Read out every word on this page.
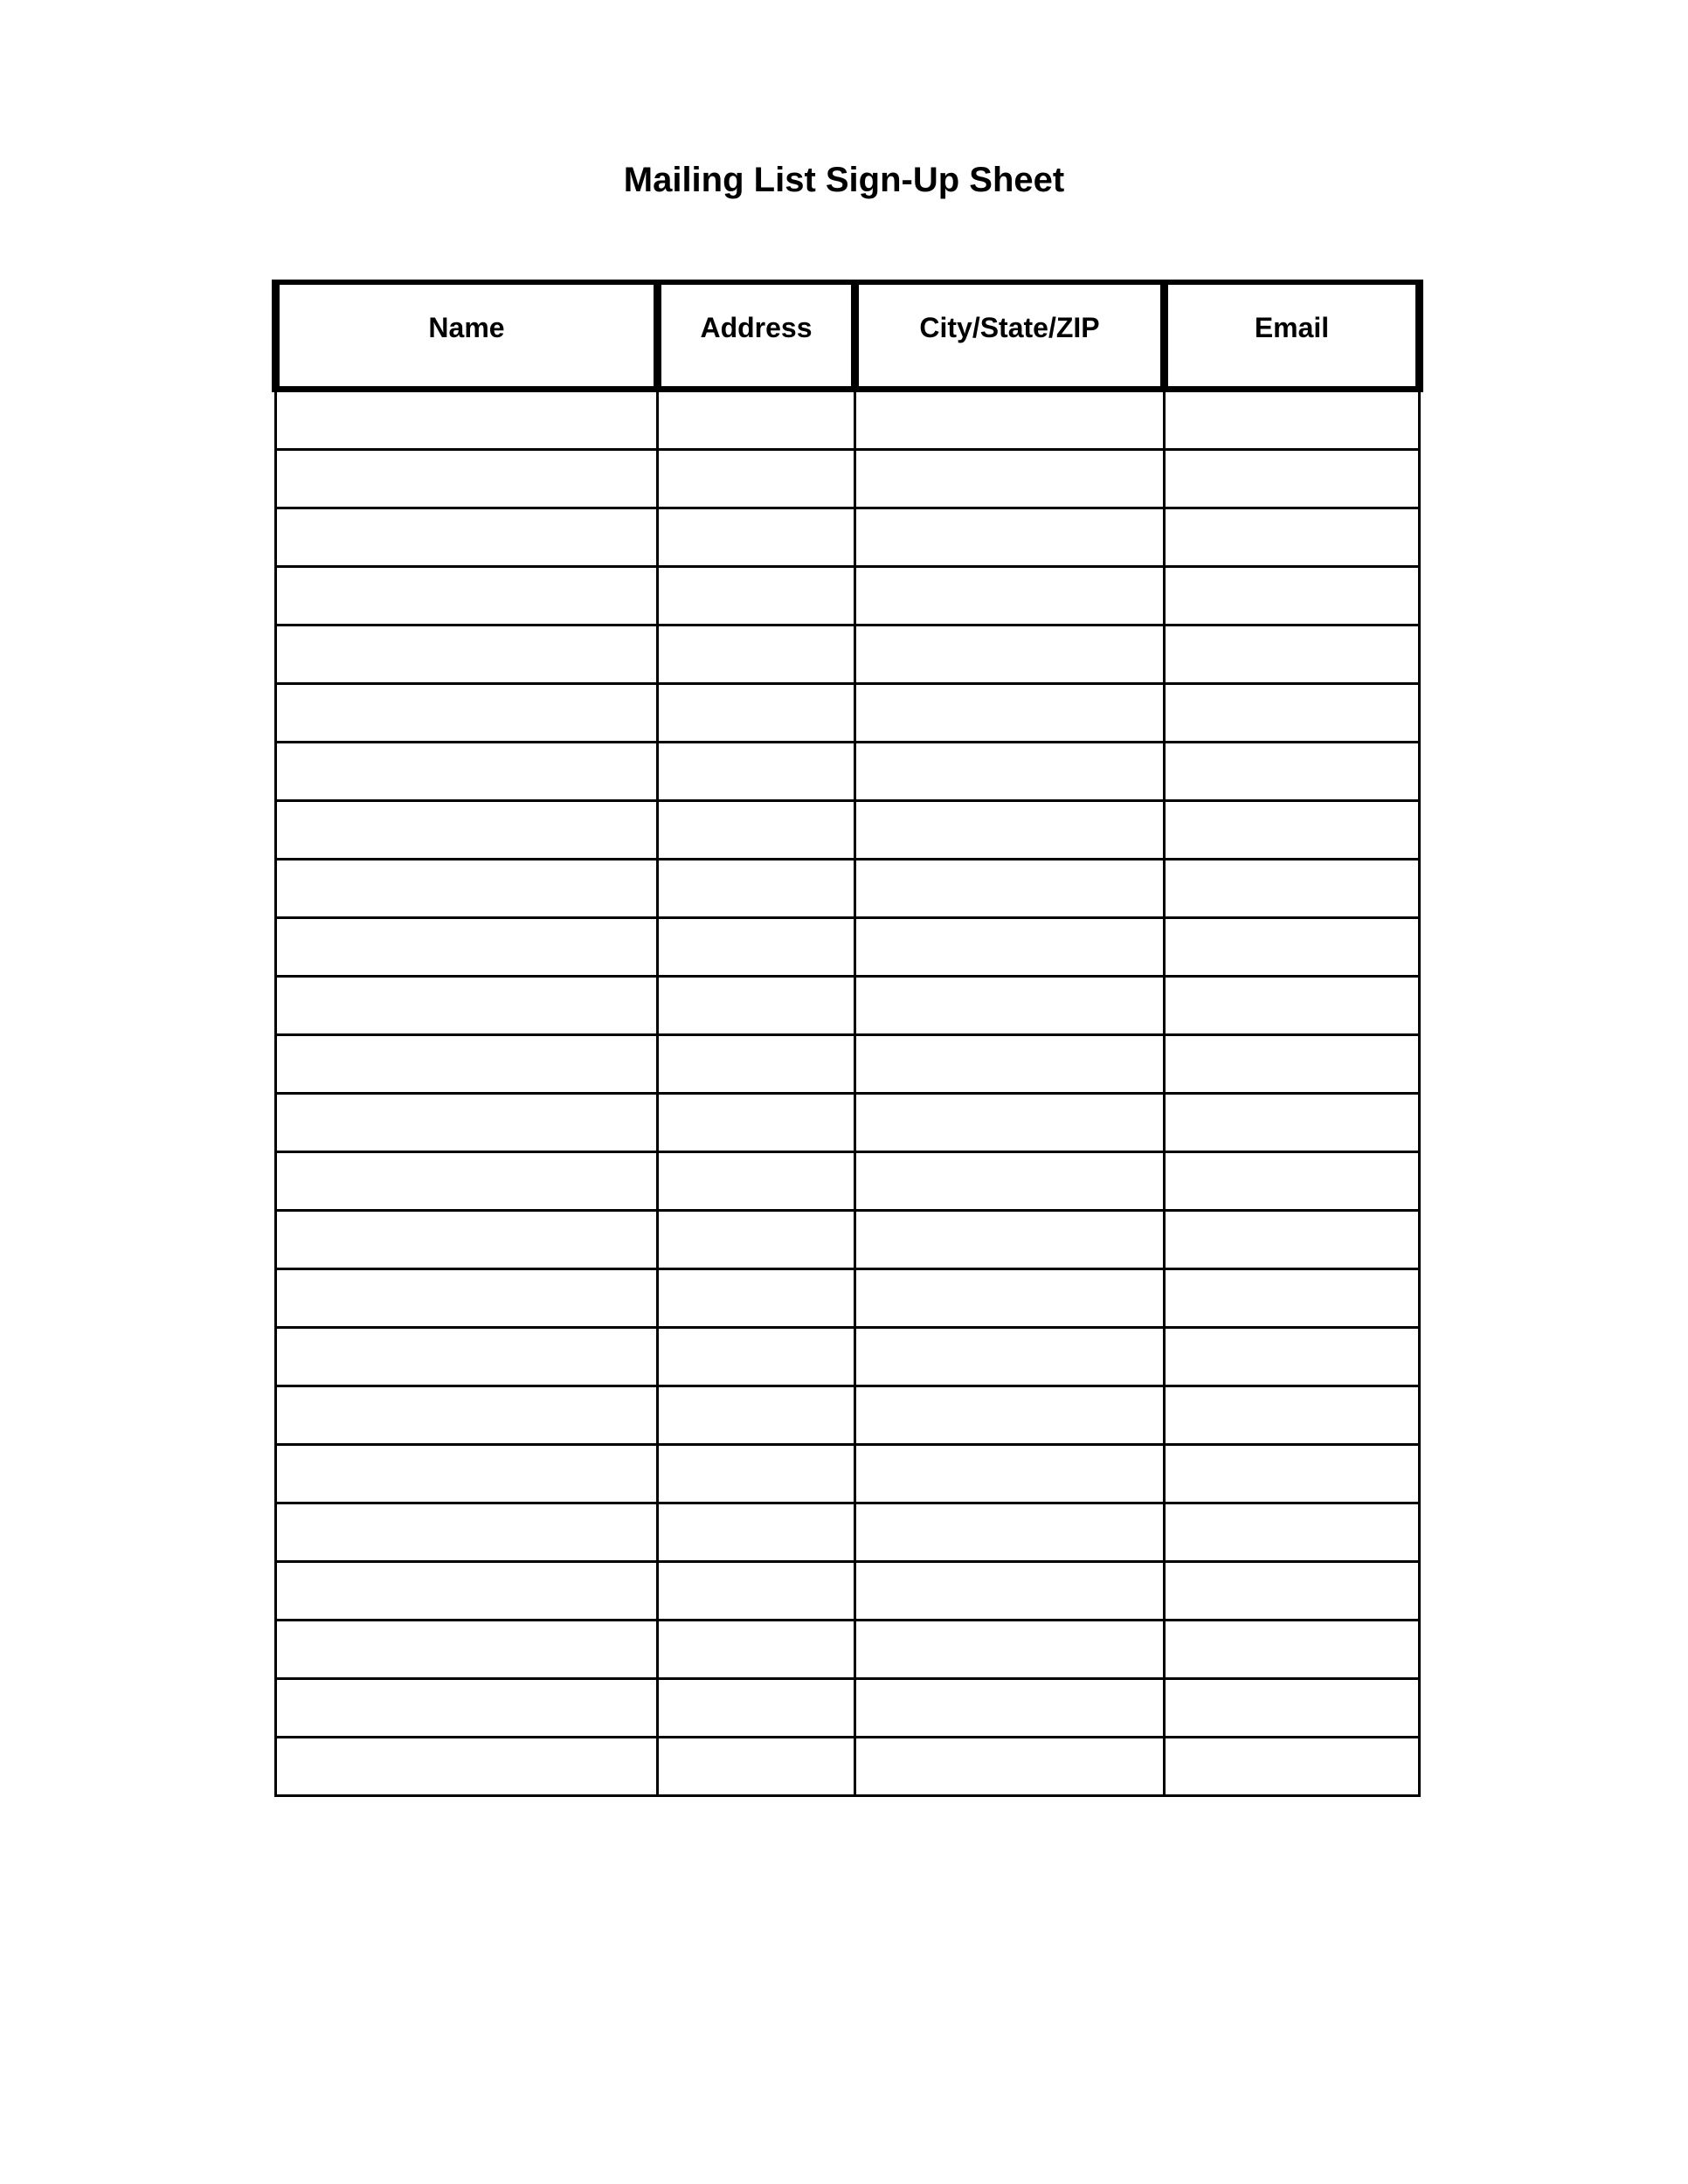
Mailing List Sign-Up Sheet
Name	Address	City/State/ZIP	Email
